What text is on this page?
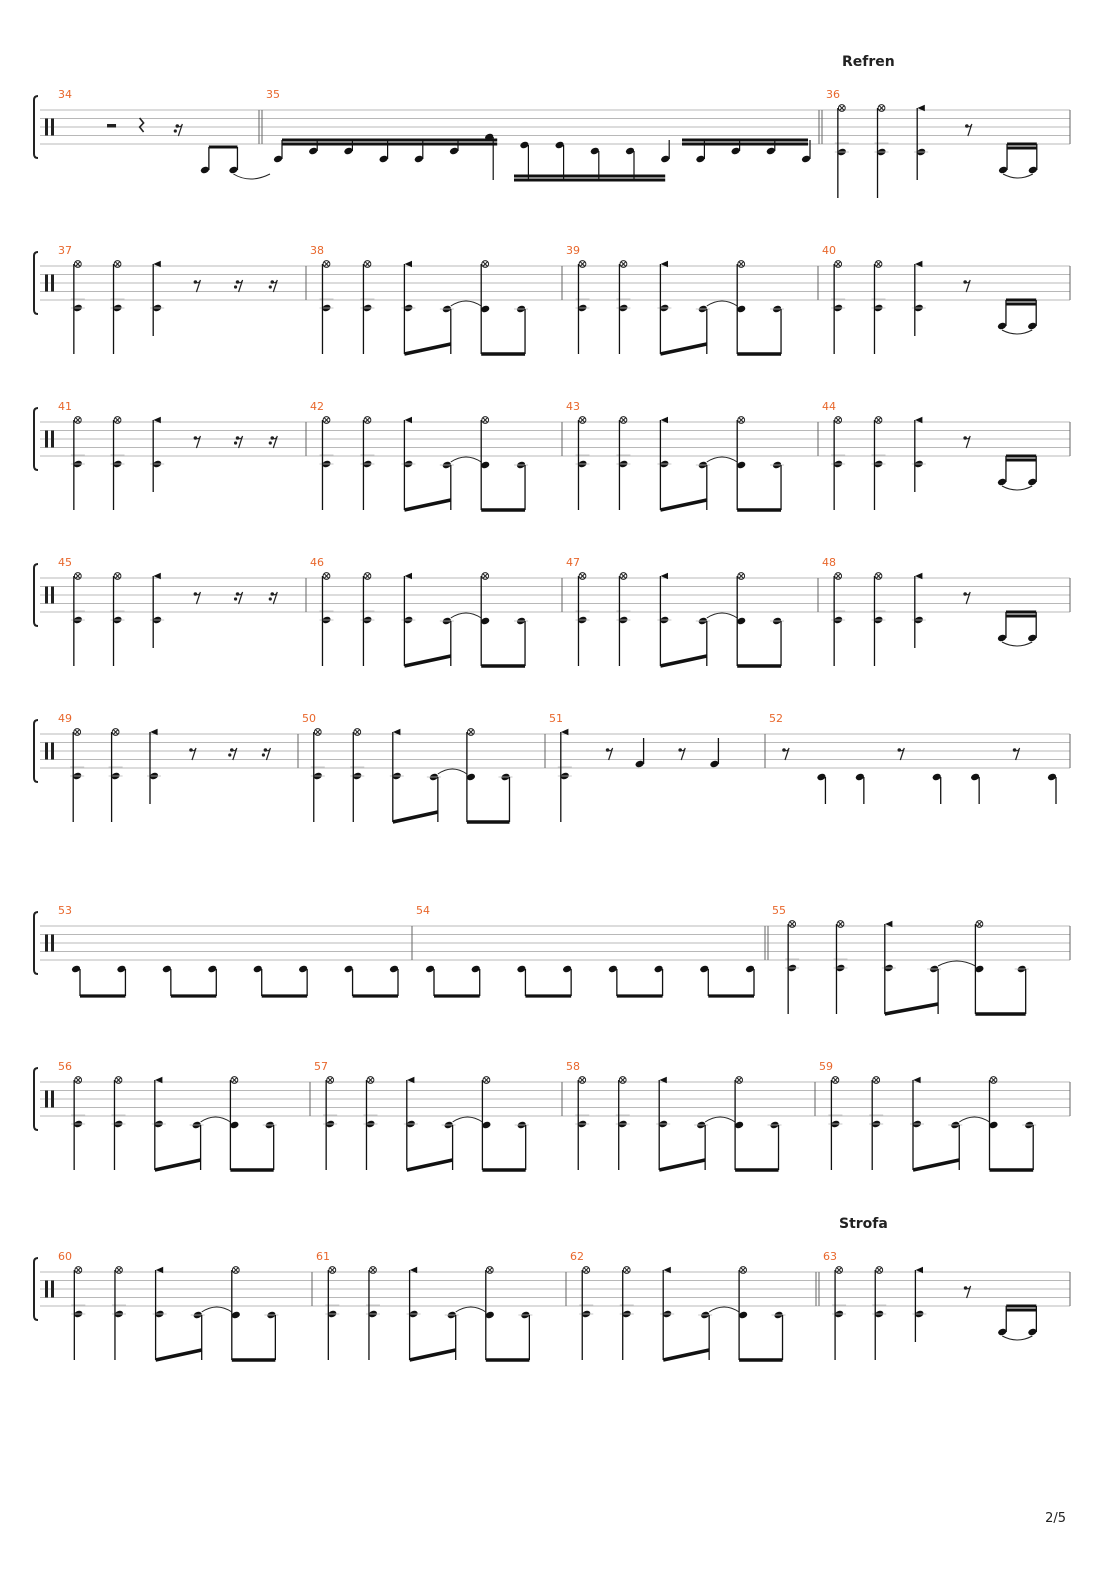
34	35	36
Refren
37	38	39	40
41	42	43	44
45	46	47	48
49	50	51	52
53	54	55
56	57	58	59
60	61	62	63
Strofa
2/5
